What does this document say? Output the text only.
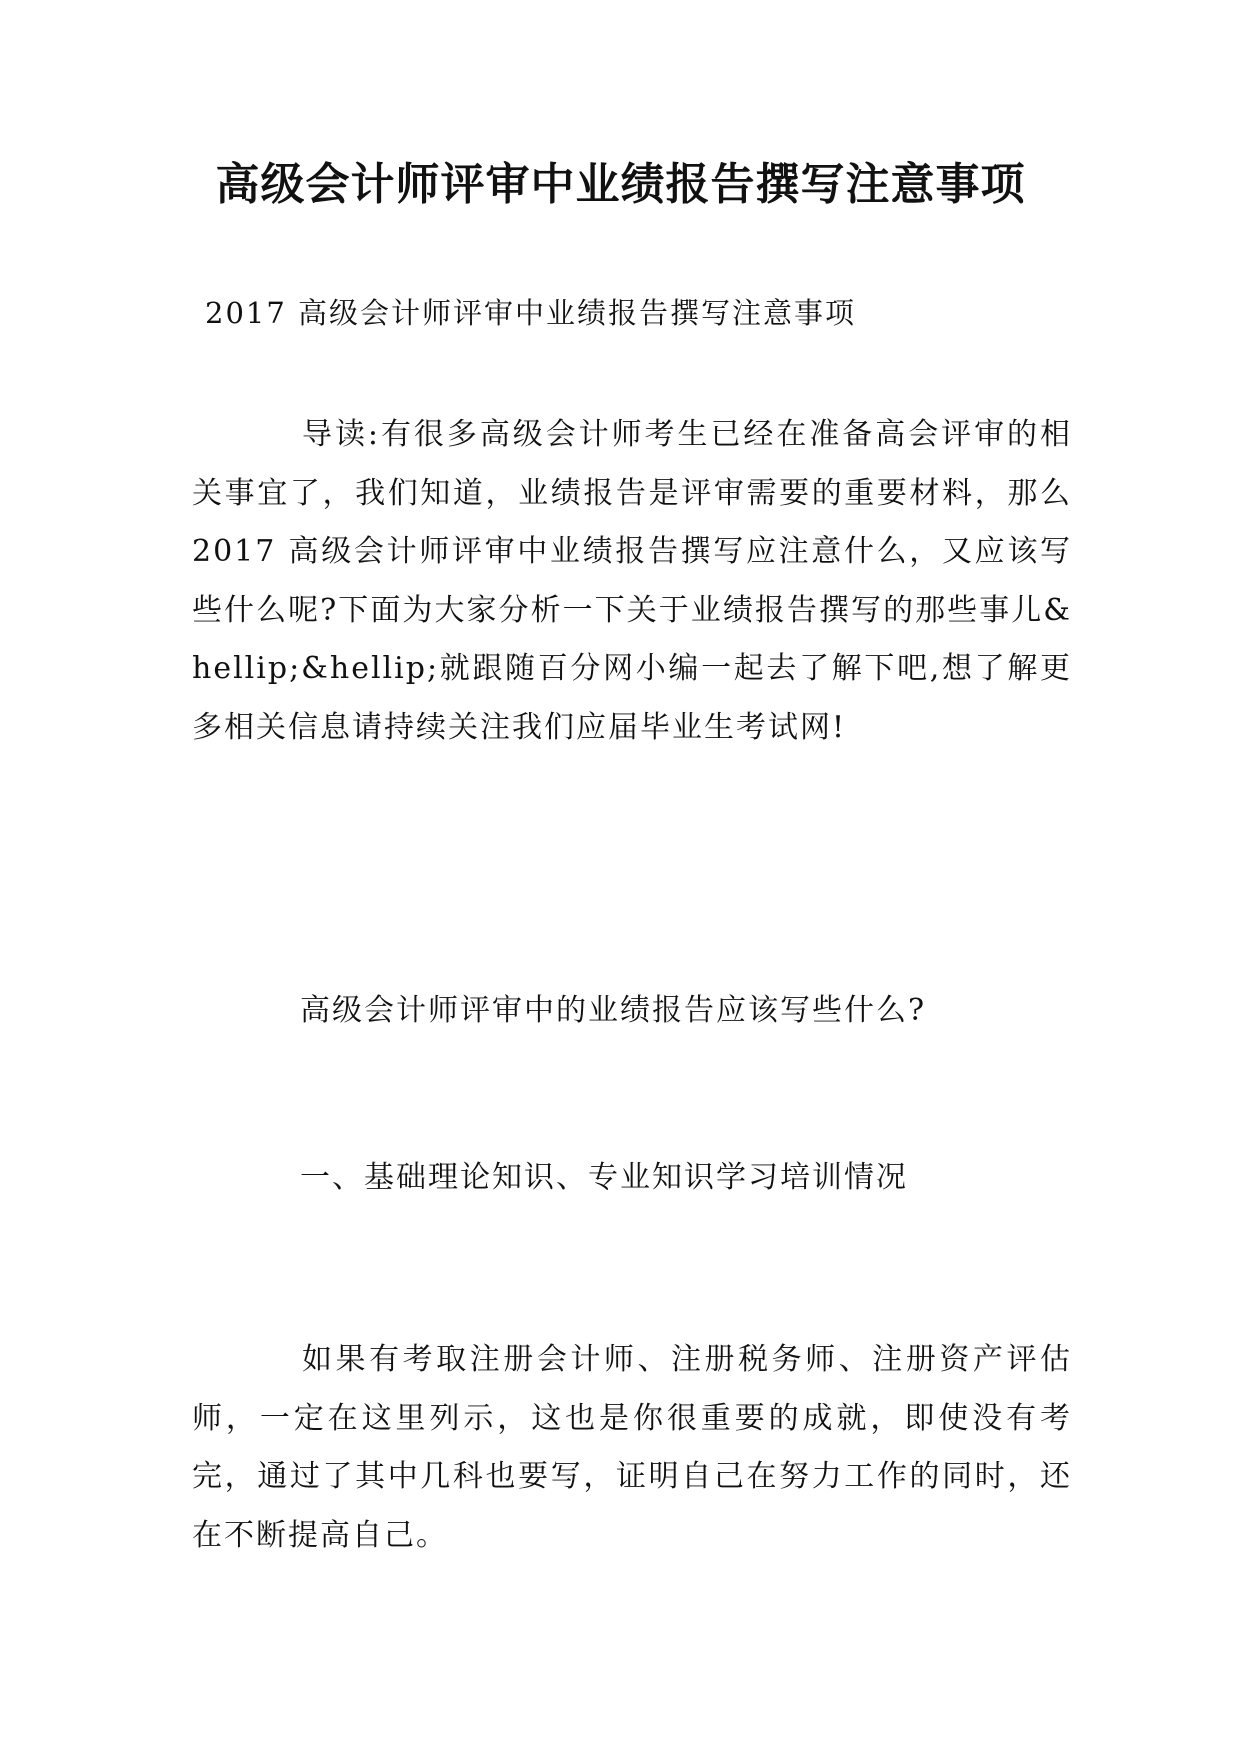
高级会计师评审中业绩报告撰写注意事项

2017 高级会计师评审中业绩报告撰写注意事项

导读:有很多高级会计师考生已经在准备高会评审的相关事宜了，我们知道，业绩报告是评审需要的重要材料，那么 2017 高级会计师评审中业绩报告撰写应注意什么，又应该写些什么呢?下面为大家分析一下关于业绩报告撰写的那些事儿&hellip;&hellip;就跟随百分网小编一起去了解下吧,想了解更多相关信息请持续关注我们应届毕业生考试网!

高级会计师评审中的业绩报告应该写些什么?

一、基础理论知识、专业知识学习培训情况

如果有考取注册会计师、注册税务师、注册资产评估师，一定在这里列示，这也是你很重要的成就，即使没有考完，通过了其中几科也要写，证明自己在努力工作的同时，还在不断提高自己。
